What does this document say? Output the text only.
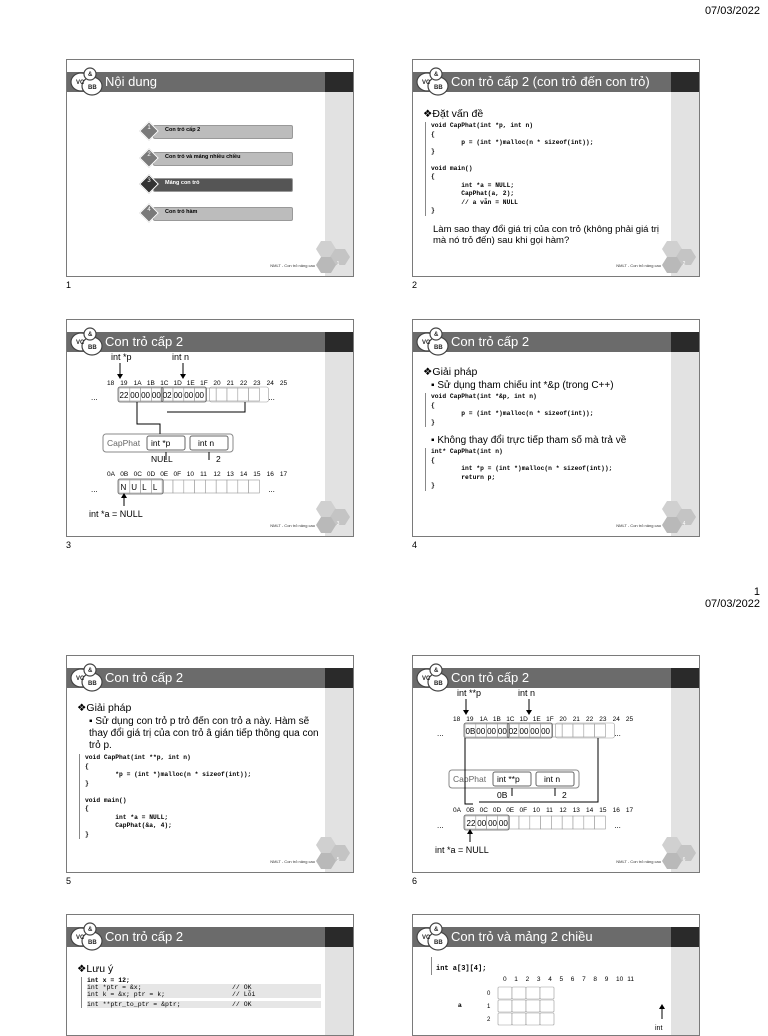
07/03/2022
1
07/03/2022
1	2
3	4
5	6
Nội dung
Con trỏ cấp 2
1
Con trỏ và mảng nhiều chiều
2
Mảng con trỏ
3
Con trỏ hàm
4
NMLT - Con trỏ nâng cao	1
Con trỏ cấp 2 (con trỏ đến con trỏ)
❖Đặt vấn đề
void CapPhat(int *p, int n)
{
p = (int *)malloc(n * sizeof(int));
}

void main()
{
int *a = NULL;
CapPhat(a, 2);
// a vẫn = NULL
}
Làm sao thay đổi giá trị của con trỏ (không phải giá trị mà nó trỏ đến) sau khi gọi hàm?
NMLT - Con trỏ nâng cao	2
Con trỏ cấp 2
int *p	int n
18 19 1A 1B 1C 1D 1E 1F 20 21 22 23 24 25
...	22 00 00 00 02 00 00 00	...
CapPhat int *p	int n
NULL	2
0A 0B 0C 0D 0E 0F 10 11 12 13 14 15 16 17
...	N U L L	...
int *a = NULL
NMLT - Con trỏ nâng cao	3
Con trỏ cấp 2
❖Giải pháp
▪ Sử dụng tham chiếu int *&p (trong C++)
void CapPhat(int *&p, int n)
{
p = (int *)malloc(n * sizeof(int));
}
▪ Không thay đổi trực tiếp tham số mà trả về
int* CapPhat(int n)
{
int *p = (int *)malloc(n * sizeof(int));
return p;
}
NMLT - Con trỏ nâng cao	4
Con trỏ cấp 2
❖Giải pháp
▪ Sử dụng con trỏ p trỏ đến con trỏ a này. Hàm sẽ thay đổi giá trị của con trỏ â gián tiếp thông qua con trỏ p.
void CapPhat(int **p, int n)
{
*p = (int *)malloc(n * sizeof(int));
}

void main()
{
int *a = NULL;
CapPhat(&a, 4);
}
NMLT - Con trỏ nâng cao	5
Con trỏ cấp 2
int **p	int n
18 19 1A 1B 1C 1D 1E 1F 20 21 22 23 24 25
...	0B 00 00 00 02 00 00 00	...
CapPhat int **p	int n
0B	2
0A 0B 0C 0D 0E 0F 10 11 12 13 14 15 16 17
...	22 00 00 00	...
int *a = NULL
NMLT - Con trỏ nâng cao	6
Con trỏ cấp 2
❖Lưu ý
int x = 12;
int *ptr = &x;	// OK
int k = &x; ptr = k;	// Lỗi
int **ptr_to_ptr = &ptr;	// OK
Con trỏ và mảng 2 chiều
int a[3][4];
0 1 2 3 4 5 6 7 8 9 10 11
0
1
2
a
int
